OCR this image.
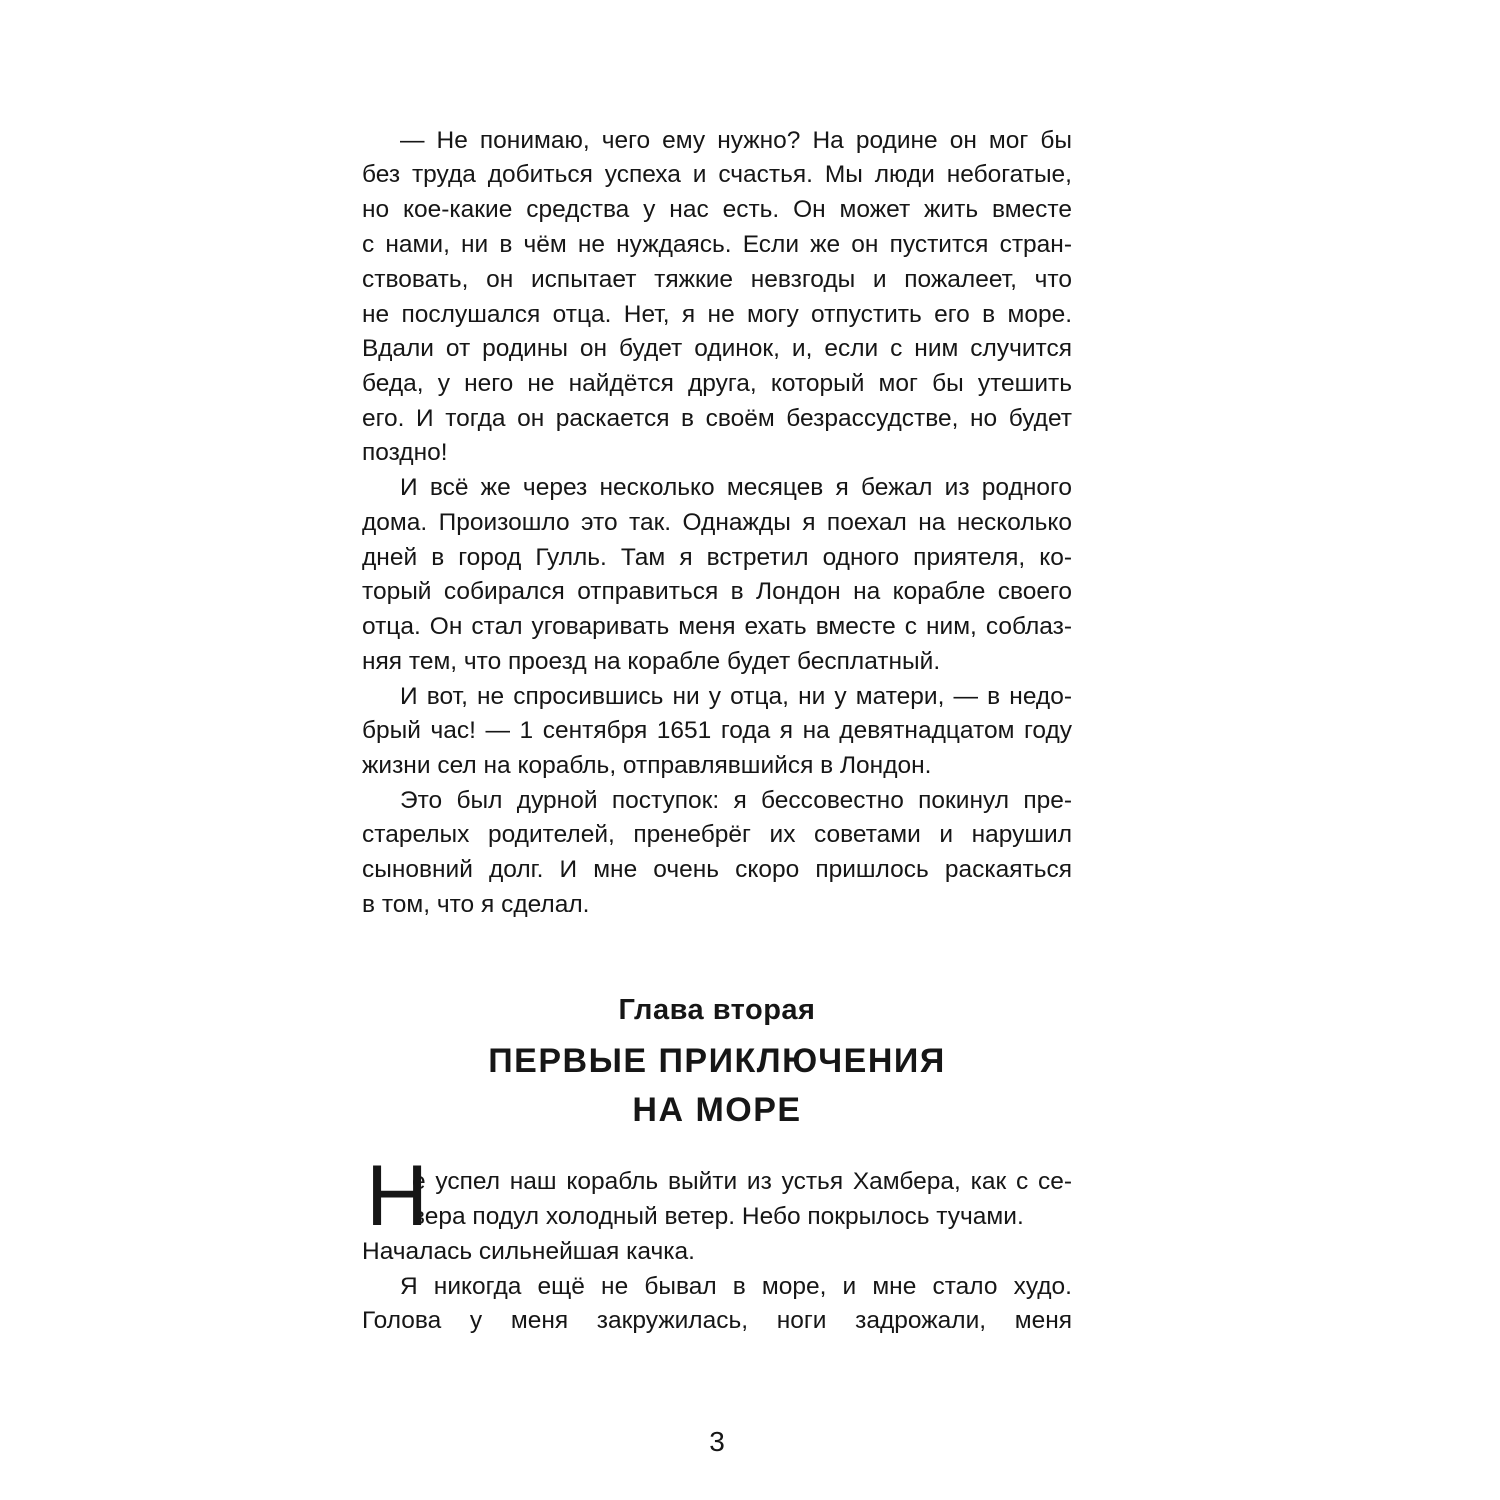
— Не понимаю, чего ему нужно? На родине он мог бы
без труда добиться успеха и счастья. Мы люди небогатые,
но кое-какие средства у нас есть. Он может жить вместе
с нами, ни в чём не нуждаясь. Если же он пустится стран-
ствовать, он испытает тяжкие невзгоды и пожалеет, что
не послушался отца. Нет, я не могу отпустить его в море.
Вдали от родины он будет одинок, и, если с ним случится
беда, у него не найдётся друга, который мог бы утешить
его. И тогда он раскается в своём безрассудстве, но будет
поздно!
И всё же через несколько месяцев я бежал из родного
дома. Произошло это так. Однажды я поехал на несколько
дней в город Гулль. Там я встретил одного приятеля, ко-
торый собирался отправиться в Лондон на корабле своего
отца. Он стал уговаривать меня ехать вместе с ним, соблаз-
няя тем, что проезд на корабле будет бесплатный.
И вот, не спросившись ни у отца, ни у матери, — в недо-
брый час! — 1 сентября 1651 года я на девятнадцатом году
жизни сел на корабль, отправлявшийся в Лондон.
Это был дурной поступок: я бессовестно покинул пре-
старелых родителей, пренебрёг их советами и нарушил
сыновний долг. И мне очень скоро пришлось раскаяться
в том, что я сделал.
Глава вторая
ПЕРВЫЕ ПРИКЛЮЧЕНИЯ
НА МОРЕ
Н
е успел наш корабль выйти из устья Хамбера, как с се-
вера подул холодный ветер. Небо покрылось тучами.
Началась сильнейшая качка.
Я никогда ещё не бывал в море, и мне стало худо.
Голова у меня закружилась, ноги задрожали, меня
3
